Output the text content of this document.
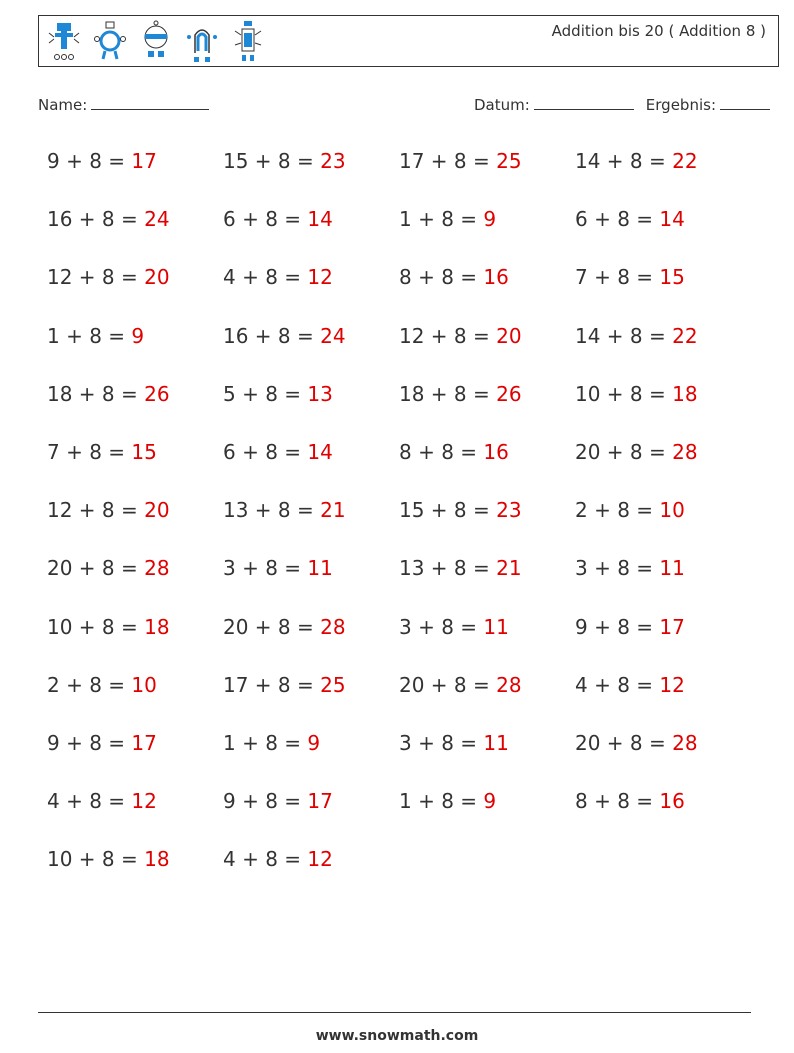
Addition bis 20 ( Addition 8 )
Name:	Datum:	Ergebnis:
9 + 8 = 17	15 + 8 = 23	17 + 8 = 25	14 + 8 = 22
16 + 8 = 24	6 + 8 = 14	1 + 8 = 9	6 + 8 = 14
12 + 8 = 20	4 + 8 = 12	8 + 8 = 16	7 + 8 = 15
1 + 8 = 9	16 + 8 = 24	12 + 8 = 20	14 + 8 = 22
18 + 8 = 26	5 + 8 = 13	18 + 8 = 26	10 + 8 = 18
7 + 8 = 15	6 + 8 = 14	8 + 8 = 16	20 + 8 = 28
12 + 8 = 20	13 + 8 = 21	15 + 8 = 23	2 + 8 = 10
20 + 8 = 28	3 + 8 = 11	13 + 8 = 21	3 + 8 = 11
10 + 8 = 18	20 + 8 = 28	3 + 8 = 11	9 + 8 = 17
2 + 8 = 10	17 + 8 = 25	20 + 8 = 28	4 + 8 = 12
9 + 8 = 17	1 + 8 = 9	3 + 8 = 11	20 + 8 = 28
4 + 8 = 12	9 + 8 = 17	1 + 8 = 9	8 + 8 = 16
10 + 8 = 18	4 + 8 = 12
www.snowmath.com
